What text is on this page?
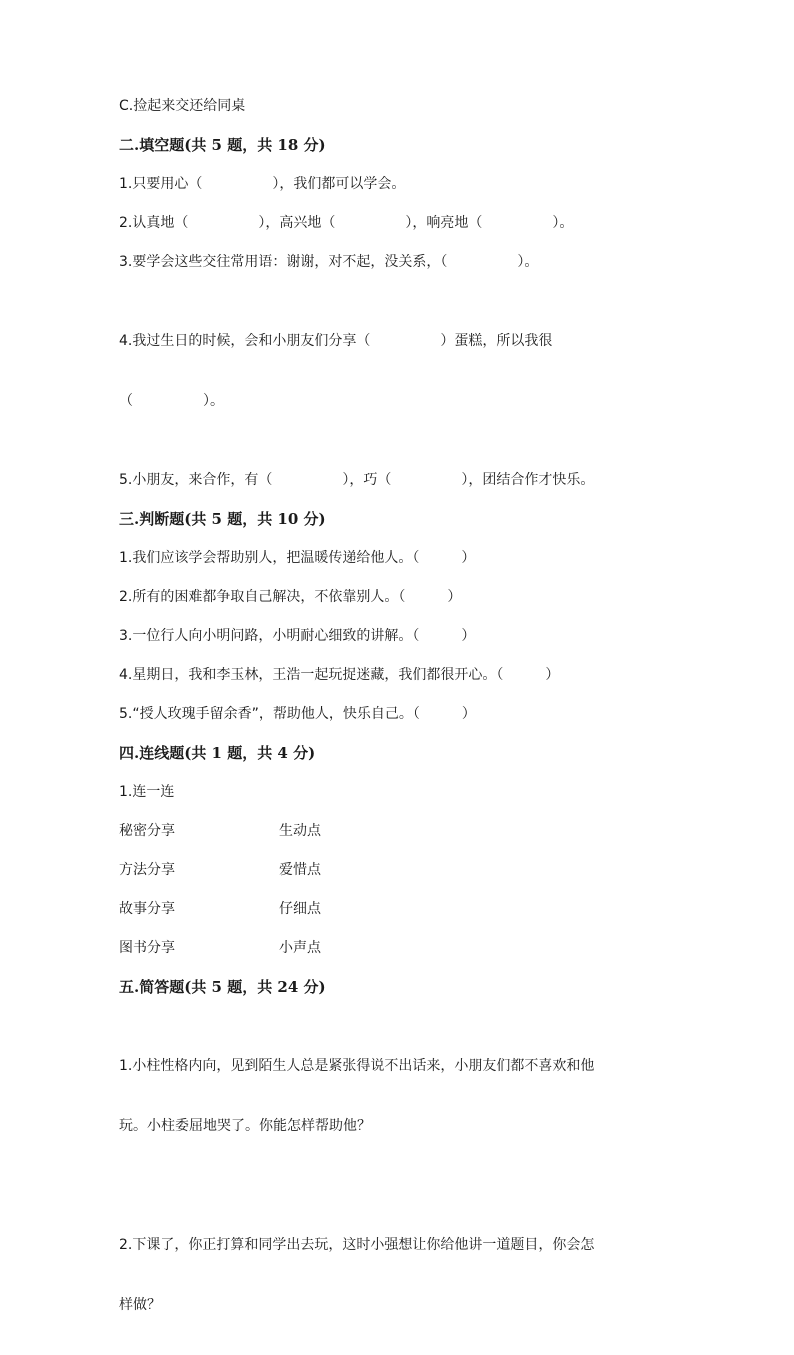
C.捡起来交还给同桌
二.填空题(共 5 题，共 18 分)
1.只要用心（　　　　　），我们都可以学会。
2.认真地（　　　　　），高兴地（　　　　　），响亮地（　　　　　）。
3.要学会这些交往常用语：谢谢，对不起，没关系，（　　　　　）。

4.我过生日的时候，会和小朋友们分享（　　　　　）蛋糕，所以我很

（　　　　　）。

5.小朋友，来合作，有（　　　　　），巧（　　　　　），团结合作才快乐。
三.判断题(共 5 题，共 10 分)
1.我们应该学会帮助别人，把温暖传递给他人。（　　　）
2.所有的困难都争取自己解决，不依靠别人。（　　　）
3.一位行人向小明问路，小明耐心细致的讲解。（　　　）
4.星期日，我和李玉林，王浩一起玩捉迷藏，我们都很开心。（　　　）
5.“授人玫瑰手留余香”，帮助他人，快乐自己。（　　　）
四.连线题(共 1 题，共 4 分)
1.连一连
秘密分享	生动点
方法分享	爱惜点
故事分享	仔细点
图书分享	小声点
五.简答题(共 5 题，共 24 分)

1.小柱性格内向，见到陌生人总是紧张得说不出话来，小朋友们都不喜欢和他

玩。小柱委屈地哭了。你能怎样帮助他？

2.下课了，你正打算和同学出去玩，这时小强想让你给他讲一道题目，你会怎

样做？
